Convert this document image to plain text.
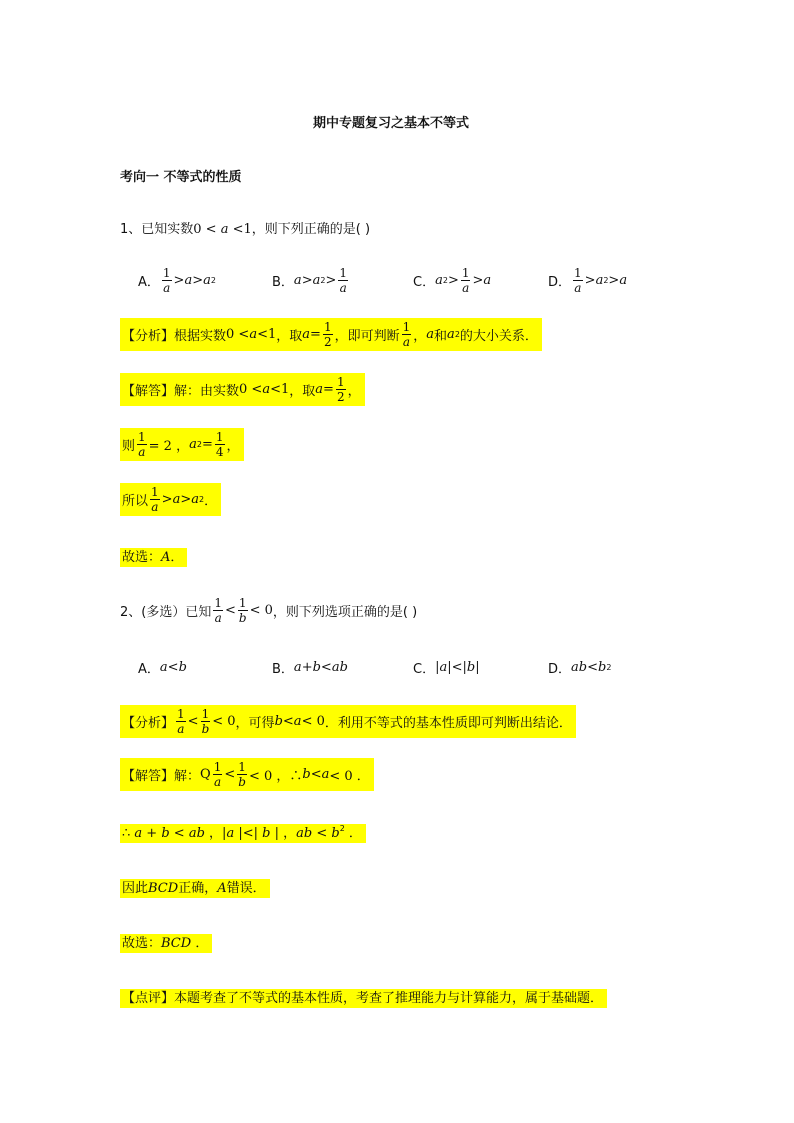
期中专题复习之基本不等式
考向一 不等式的性质
1、已知实数0 < a <1，则下列正确的是( )
A． $\frac{1}{a} > a > a$ 2	B． a > a $2 > \frac{1}{a}$	C． a $2 > \frac{1}{a} > a$	D． $\frac{1}{a} > a$ 2 > a
【分析】 根据实数 0 < a <1 ，取 $a = \frac{1}{2}$ ，即可判断 $\frac{1}{a}$ ， a 和 a 2 的大小关系．
【解答】 解：由实数 0 < a <1 ，取 $a = \frac{1}{2}$ ，
则 $\frac{1}{a} = 2$ ， a $2 = \frac{1}{4}$ ，
所以 $\frac{1}{a} > a > a$ 2 ．
故选：A．
2、(多选）已知 $\frac{1}{a} < \frac{1}{b} < 0$ ，则下列选项正确的是( )
A． a < b	B． a + b < ab	C． | a |<| b |	D． ab < b 2
【分析】 $\frac{1}{a} < \frac{1}{b} < 0$ ，可得 b < a < 0 ．利用不等式的基本性质即可判断出结论．
【解答】 解： Q $\frac{1}{a} < \frac{1}{b} < 0$ ，∴ b < a < 0 ．
∴ a + b < ab ，|a |<| b | ，ab < $b^2$ ．
因此BCD正确，A错误．
故选：BCD ．
【点评】本题考查了不等式的基本性质，考查了推理能力与计算能力，属于基础题．
